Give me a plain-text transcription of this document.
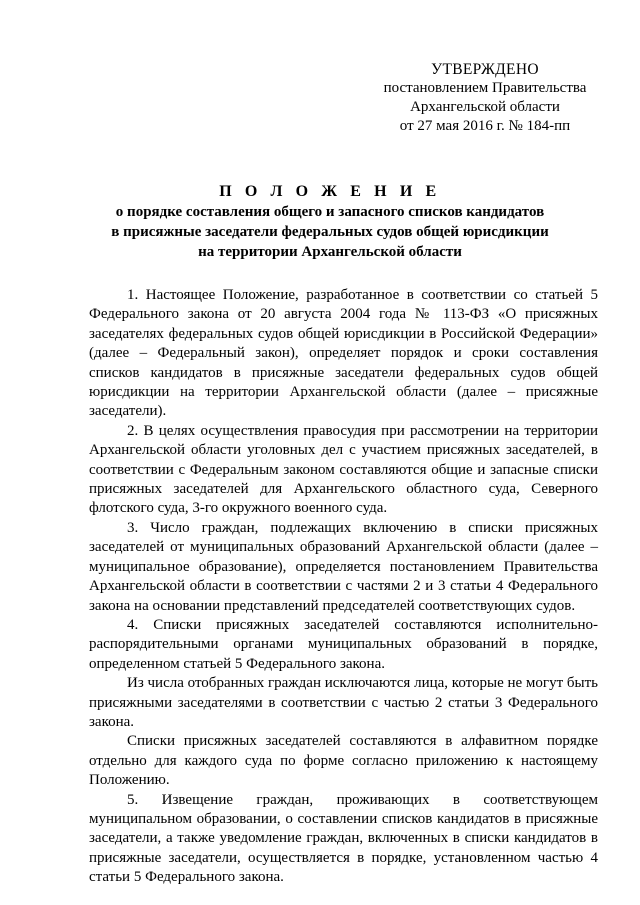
УТВЕРЖДЕНО
постановлением Правительства
Архангельской области
от 27 мая 2016 г. № 184-пп
П О Л О Ж Е Н И Е
о порядке составления общего и запасного списков кандидатов
в присяжные заседатели федеральных судов общей юрисдикции
на территории Архангельской области

1. Настоящее Положение, разработанное в соответствии со статьей 5 Федерального закона от 20 августа 2004 года № 113-ФЗ «О присяжных заседателях федеральных судов общей юрисдикции в Российской Федерации» (далее – Федеральный закон), определяет порядок и сроки составления списков кандидатов в присяжные заседатели федеральных судов общей юрисдикции на территории Архангельской области (далее – присяжные заседатели).

2. В целях осуществления правосудия при рассмотрении на территории Архангельской области уголовных дел с участием присяжных заседателей, в соответствии с Федеральным законом составляются общие и запасные списки присяжных заседателей для Архангельского областного суда, Северного флотского суда, 3-го окружного военного суда.

3. Число граждан, подлежащих включению в списки присяжных заседателей от муниципальных образований Архангельской области (далее – муниципальное образование), определяется постановлением Правительства Архангельской области в соответствии с частями 2 и 3 статьи 4 Федерального закона на основании представлений председателей соответствующих судов.

4. Списки присяжных заседателей составляются исполнительно-распорядительными органами муниципальных образований в порядке, определенном статьей 5 Федерального закона.

Из числа отобранных граждан исключаются лица, которые не могут быть присяжными заседателями в соответствии с частью 2 статьи 3 Федерального закона.

Списки присяжных заседателей составляются в алфавитном порядке отдельно для каждого суда по форме согласно приложению к настоящему Положению.

5. Извещение граждан, проживающих в соответствующем муниципальном образовании, о составлении списков кандидатов в присяжные заседатели, а также уведомление граждан, включенных в списки кандидатов в присяжные заседатели, осуществляется в порядке, установленном частью 4 статьи 5 Федерального закона.
